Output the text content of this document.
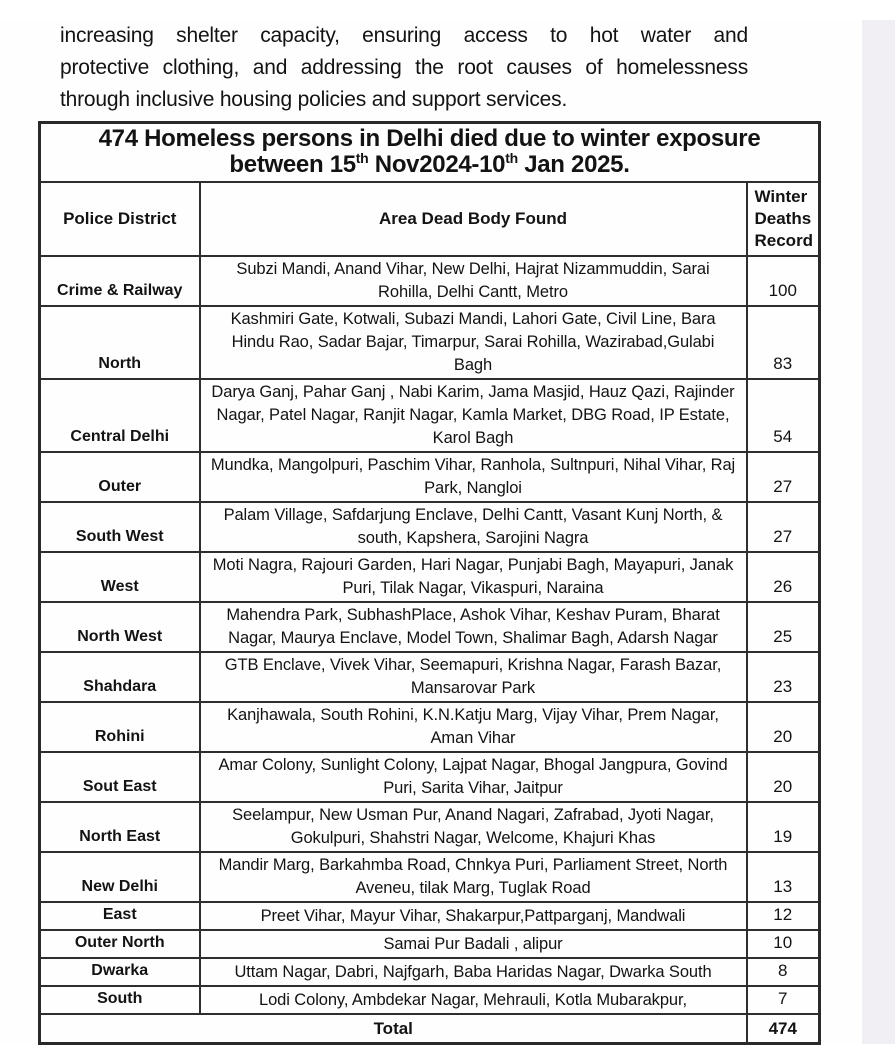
increasing shelter capacity, ensuring access to hot water and
protective clothing, and addressing the root causes of homelessness
through inclusive housing policies and support services.
474 Homeless persons in Delhi died due to winter exposure
between 15th Nov2024-10th Jan 2025.		

Police District	Area Dead Body Found	Winter Deaths Record
Crime & Railway	Subzi Mandi, Anand Vihar, New Delhi, Hajrat Nizammuddin, Sarai Rohilla, Delhi Cantt, Metro	100
North	Kashmiri Gate, Kotwali, Subazi Mandi, Lahori Gate, Civil Line, Bara Hindu Rao, Sadar Bajar, Timarpur, Sarai Rohilla, Wazirabad,Gulabi Bagh	83
Central Delhi	Darya Ganj, Pahar Ganj , Nabi Karim, Jama Masjid, Hauz Qazi, Rajinder Nagar, Patel Nagar, Ranjit Nagar, Kamla Market, DBG Road, IP Estate, Karol Bagh	54
Outer	Mundka, Mangolpuri, Paschim Vihar, Ranhola, Sultnpuri, Nihal Vihar, Raj Park, Nangloi	27
South West	Palam Village, Safdarjung Enclave, Delhi Cantt, Vasant Kunj North, & south, Kapshera, Sarojini Nagra	27
West	Moti Nagra, Rajouri Garden, Hari Nagar, Punjabi Bagh, Mayapuri, Janak Puri, Tilak Nagar, Vikaspuri, Naraina	26
North West	Mahendra Park, SubhashPlace, Ashok Vihar, Keshav Puram, Bharat Nagar, Maurya Enclave, Model Town, Shalimar Bagh, Adarsh Nagar	25
Shahdara	GTB Enclave, Vivek Vihar, Seemapuri, Krishna Nagar, Farash Bazar, Mansarovar Park	23
Rohini	Kanjhawala, South Rohini, K.N.Katju Marg, Vijay Vihar, Prem Nagar, Aman Vihar	20
Sout East	Amar Colony, Sunlight Colony, Lajpat Nagar, Bhogal Jangpura, Govind Puri, Sarita Vihar, Jaitpur	20
North East	Seelampur, New Usman Pur, Anand Nagari, Zafrabad, Jyoti Nagar, Gokulpuri, Shahstri Nagar, Welcome, Khajuri Khas	19
New Delhi	Mandir Marg, Barkahmba Road, Chnkya Puri, Parliament Street, North Aveneu, tilak Marg, Tuglak Road	13
East	Preet Vihar, Mayur Vihar, Shakarpur,Pattparganj, Mandwali	12
Outer North	Samai Pur Badali , alipur	10
Dwarka	Uttam Nagar, Dabri, Najfgarh, Baba Haridas Nagar, Dwarka South	8
South	Lodi Colony, Ambdekar Nagar, Mehrauli, Kotla Mubarakpur,	7
Total		474
